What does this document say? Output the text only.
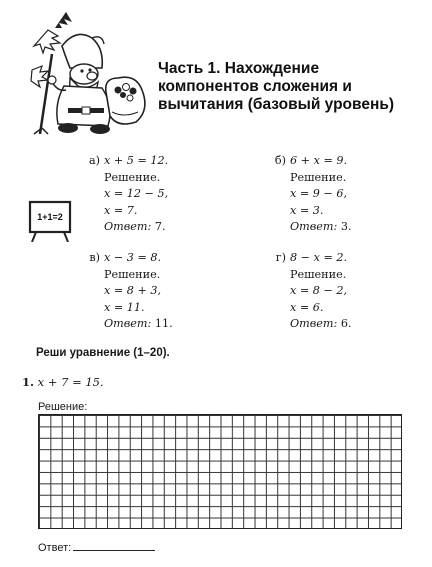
Часть 1. Нахождение
компонентов сложения и
вычитания (базовый уровень)
1+1=2
а) x + 5 = 12.
Решение.
x = 12 − 5,
x = 7.
Ответ: 7.
б) 6 + x = 9.
Решение.
x = 9 − 6,
x = 3.
Ответ: 3.
в) x − 3 = 8.
Решение.
x = 8 + 3,
x = 11.
Ответ: 11.
г) 8 − x = 2.
Решение.
x = 8 − 2,
x = 6.
Ответ: 6.
Реши уравнение (1–20).
1. x + 7 = 15.
Решение:
Ответ:
